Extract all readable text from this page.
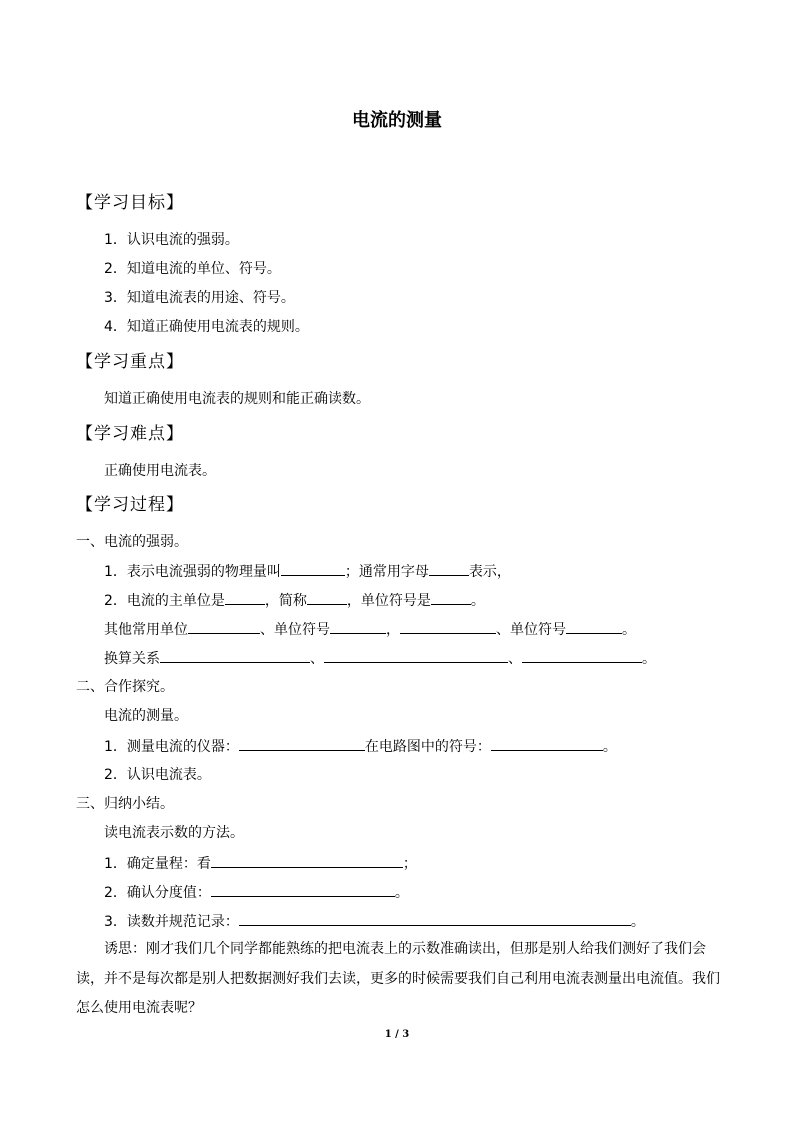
电流的测量
【学习目标】
1．认识电流的强弱。
2．知道电流的单位、符号。
3．知道电流表的用途、符号。
4．知道正确使用电流表的规则。
【学习重点】
知道正确使用电流表的规则和能正确读数。
【学习难点】
正确使用电流表。
【学习过程】
一、电流的强弱。
1．表示电流强弱的物理量叫	；通常用字母	表示，
2．电流的主单位是	，简称	，单位符号是	。
其他常用单位	、单位符号	，	、单位符号	。
换算关系	、	、	。
二、合作探究。
电流的测量。
1．测量电流的仪器：	在电路图中的符号：	。
2．认识电流表。
三、归纳小结。
读电流表示数的方法。
1．确定量程：看	；
2．确认分度值：	。
3．读数并规范记录：	。
诱思：刚才我们几个同学都能熟练的把电流表上的示数准确读出，但那是别人给我们测好了我们会读，并不是每次都是别人把数据测好我们去读，更多的时候需要我们自己利用电流表测量出电流值。我们怎么使用电流表呢？
1 / 3
